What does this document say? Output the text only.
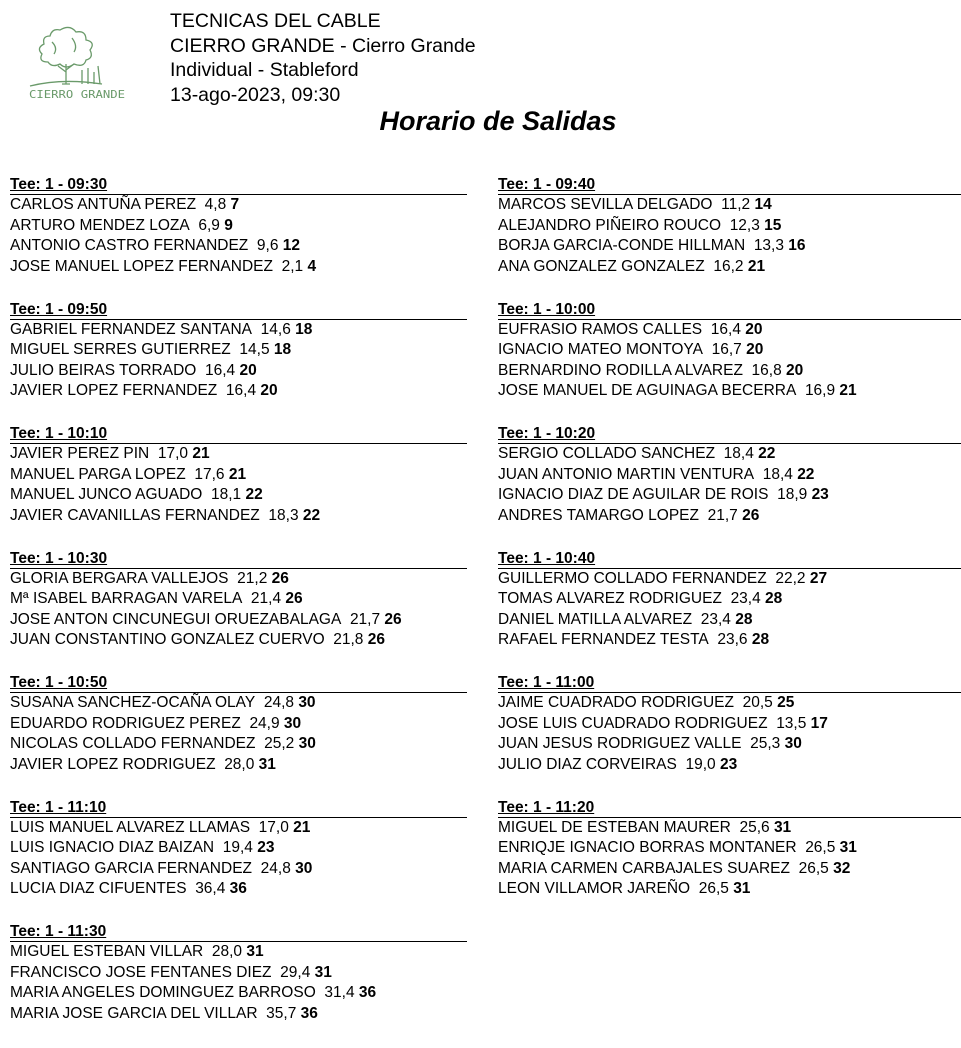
CIERRO GRANDE
TECNICAS DEL CABLE
CIERRO GRANDE - Cierro Grande
Individual - Stableford
13-ago-2023, 09:30
Horario de Salidas
Tee: 1 - 09:30
CARLOS ANTUÑA PEREZ 4,8 7
ARTURO MENDEZ LOZA 6,9 9
ANTONIO CASTRO FERNANDEZ 9,6 12
JOSE MANUEL LOPEZ FERNANDEZ 2,1 4
Tee: 1 - 09:50
GABRIEL FERNANDEZ SANTANA 14,6 18
MIGUEL SERRES GUTIERREZ 14,5 18
JULIO BEIRAS TORRADO 16,4 20
JAVIER LOPEZ FERNANDEZ 16,4 20
Tee: 1 - 10:10
JAVIER PEREZ PIN 17,0 21
MANUEL PARGA LOPEZ 17,6 21
MANUEL JUNCO AGUADO 18,1 22
JAVIER CAVANILLAS FERNANDEZ 18,3 22
Tee: 1 - 10:30
GLORIA BERGARA VALLEJOS 21,2 26
Mª ISABEL BARRAGAN VARELA 21,4 26
JOSE ANTON CINCUNEGUI ORUEZABALAGA 21,7 26
JUAN CONSTANTINO GONZALEZ CUERVO 21,8 26
Tee: 1 - 10:50
SUSANA SANCHEZ-OCAÑA OLAY 24,8 30
EDUARDO RODRIGUEZ PEREZ 24,9 30
NICOLAS COLLADO FERNANDEZ 25,2 30
JAVIER LOPEZ RODRIGUEZ 28,0 31
Tee: 1 - 11:10
LUIS MANUEL ALVAREZ LLAMAS 17,0 21
LUIS IGNACIO DIAZ BAIZAN 19,4 23
SANTIAGO GARCIA FERNANDEZ 24,8 30
LUCIA DIAZ CIFUENTES 36,4 36
Tee: 1 - 11:30
MIGUEL ESTEBAN VILLAR 28,0 31
FRANCISCO JOSE FENTANES DIEZ 29,4 31
MARIA ANGELES DOMINGUEZ BARROSO 31,4 36
MARIA JOSE GARCIA DEL VILLAR 35,7 36
Tee: 1 - 09:40
MARCOS SEVILLA DELGADO 11,2 14
ALEJANDRO PIÑEIRO ROUCO 12,3 15
BORJA GARCIA-CONDE HILLMAN 13,3 16
ANA GONZALEZ GONZALEZ 16,2 21
Tee: 1 - 10:00
EUFRASIO RAMOS CALLES 16,4 20
IGNACIO MATEO MONTOYA 16,7 20
BERNARDINO RODILLA ALVAREZ 16,8 20
JOSE MANUEL DE AGUINAGA BECERRA 16,9 21
Tee: 1 - 10:20
SERGIO COLLADO SANCHEZ 18,4 22
JUAN ANTONIO MARTIN VENTURA 18,4 22
IGNACIO DIAZ DE AGUILAR DE ROIS 18,9 23
ANDRES TAMARGO LOPEZ 21,7 26
Tee: 1 - 10:40
GUILLERMO COLLADO FERNANDEZ 22,2 27
TOMAS ALVAREZ RODRIGUEZ 23,4 28
DANIEL MATILLA ALVAREZ 23,4 28
RAFAEL FERNANDEZ TESTA 23,6 28
Tee: 1 - 11:00
JAIME CUADRADO RODRIGUEZ 20,5 25
JOSE LUIS CUADRADO RODRIGUEZ 13,5 17
JUAN JESUS RODRIGUEZ VALLE 25,3 30
JULIO DIAZ CORVEIRAS 19,0 23
Tee: 1 - 11:20
MIGUEL DE ESTEBAN MAURER 25,6 31
ENRIQJE IGNACIO BORRAS MONTANER 26,5 31
MARIA CARMEN CARBAJALES SUAREZ 26,5 32
LEON VILLAMOR JAREÑO 26,5 31
